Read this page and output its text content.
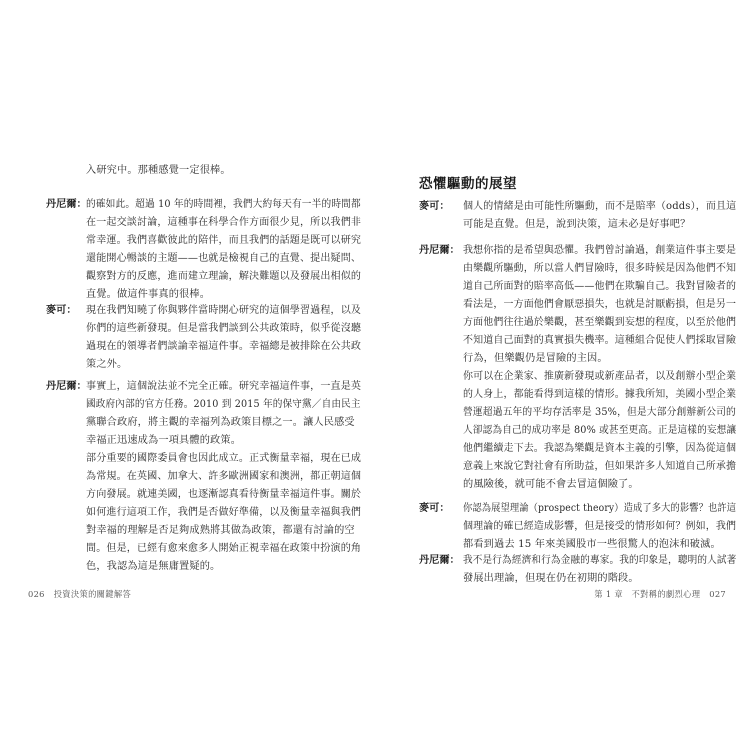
入研究中。那種感覺一定很棒。
丹尼爾： 的確如此。超過 10 年的時間裡，我們大約每天有一半的時間都
在一起交談討論，這種事在科學合作方面很少見，所以我們非
常幸運。我們喜歡彼此的陪伴，而且我們的話題是既可以研究
還能開心暢談的主題——也就是檢視自己的直覺、提出疑問、
觀察對方的反應，進而建立理論，解決難題以及發展出相似的
直覺。做這件事真的很棒。
麥可： 現在我們知曉了你與夥伴當時開心研究的這個學習過程，以及
你們的這些新發現。但是當我們談到公共政策時，似乎從沒聽
過現在的領導者們談論幸福這件事。幸福總是被排除在公共政
策之外。
丹尼爾： 事實上，這個說法並不完全正確。研究幸福這件事，一直是英
國政府內部的官方任務。2010 到 2015 年的保守黨／自由民主
黨聯合政府，將主觀的幸福列為政策目標之一。讓人民感受
幸福正迅速成為一項具體的政策。
部分重要的國際委員會也因此成立。正式衡量幸福，現在已成
為常規。在英國、加拿大、許多歐洲國家和澳洲，都正朝這個
方向發展。就連美國，也逐漸認真看待衡量幸福這件事。關於
如何進行這項工作，我們是否做好準備，以及衡量幸福與我們
對幸福的理解是否足夠成熟將其做為政策，都還有討論的空
間。但是，已經有愈來愈多人開始正視幸福在政策中扮演的角
色，我認為這是無庸置疑的。
026 投資決策的關鍵解答
恐懼驅動的展望
麥可： 個人的情緒是由可能性所驅動，而不是賠率（odds），而且這
可能是直覺。但是，說到決策，這未必是好事吧？
丹尼爾： 我想你指的是希望與恐懼。我們曾討論過，創業這件事主要是
由樂觀所驅動，所以當人們冒險時，很多時候是因為他們不知
道自己所面對的賠率高低——他們在欺騙自己。我對冒險者的
看法是，一方面他們會厭惡損失，也就是討厭虧損，但是另一
方面他們往往過於樂觀，甚至樂觀到妄想的程度，以至於他們
不知道自己面對的真實損失機率。這種組合促使人們採取冒險
行為，但樂觀仍是冒險的主因。
你可以在企業家、推廣新發現或新產品者，以及創辦小型企業
的人身上，都能看得到這樣的情形。據我所知，美國小型企業
營運超過五年的平均存活率是 35%，但是大部分創辦新公司的
人卻認為自己的成功率是 80% 或甚至更高。正是這樣的妄想讓
他們繼續走下去。我認為樂觀是資本主義的引擎，因為從這個
意義上來說它對社會有所助益，但如果許多人知道自己所承擔
的風險後，就可能不會去冒這個險了。
麥可： 你認為展望理論（prospect theory）造成了多大的影響？也許這
個理論的確已經造成影響，但是接受的情形如何？例如，我們
都看到過去 15 年來美國股市一些很驚人的泡沫和破滅。
丹尼爾： 我不是行為經濟和行為金融的專家。我的印象是，聰明的人試著
發展出理論，但現在仍在初期的階段。
第 1 章　不對稱的劇烈心理 027
